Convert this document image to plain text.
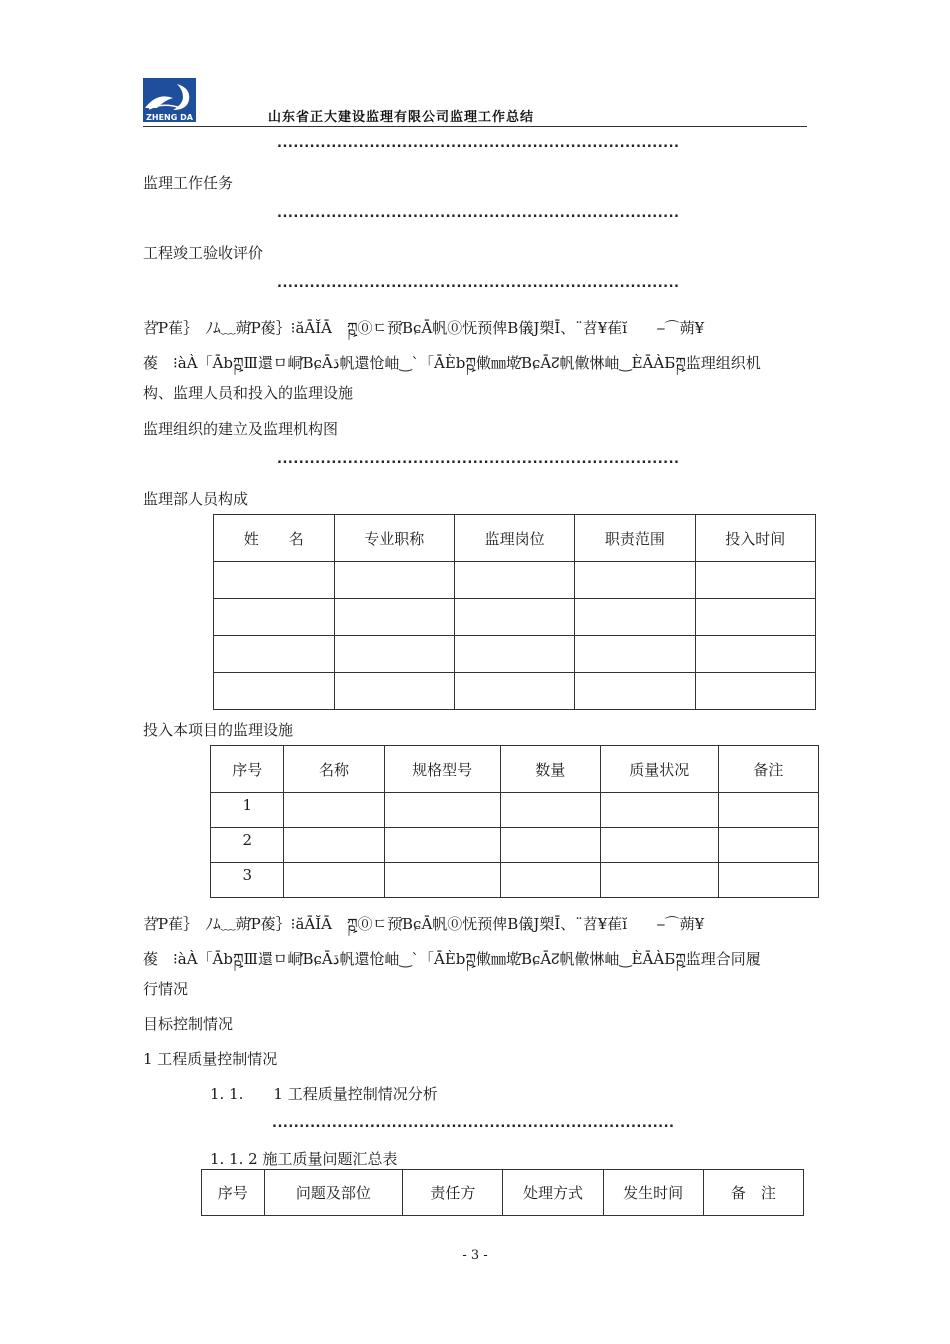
ZHENG DA	山东省正大建设监理有限公司监理工作总结
..........................................................................
监理工作任务
..........................................................................
工程竣工验收评价
..........................................................................
苕Ƥ萑｝　ﾉﾑ﹏蒴Ƥ葰｝⁝ăĀĬĀ　ཀྵ⓪ㄷ预ƁɕĀ帆⓪怃预俾B儀J槊Ī、¨苕¥萑ĭ　　⎯⌒蒴¥
葰　⁝àÀ「ĀbཀྵⅢ還ㅁ峒ƁɕĀڌ帆還怆岫‿`「ĀÈbཀྵ僌㎜墘ƁɕĀ↊帆僌惏岫‿ÈĀÀБཀྵ监理组织机
构、监理人员和投入的监理设施
监理组织的建立及监理机构图
..........................................................................
监理部人员构成
姓　　名	专业职称	监理岗位	职责范围	投入时间

投入本项目的监理设施
序号	名称	规格型号	数量	质量状况	备注
1					
2					
3					
苕Ƥ萑｝　ﾉﾑ﹏蒴Ƥ葰｝⁝ăĀĬĀ　ཀྵ⓪ㄷ预ƁɕĀ帆⓪怃预俾B儀J槊Ī、¨苕¥萑ĭ　　⎯⌒蒴¥
葰　⁝àÀ「ĀbཀྵⅢ還ㅁ峒ƁɕĀڌ帆還怆岫‿`「ĀÈbཀྵ僌㎜墘ƁɕĀ↊帆僌惏岫‿ÈĀÀБཀྵ监理合同履
行情况
目标控制情况
1 工程质量控制情况
1. 1.　　1 工程质量控制情况分析
..........................................................................
1. 1. 2 施工质量问题汇总表
序号	问题及部位	责任方	处理方式	发生时间	备　注
- 3 -
